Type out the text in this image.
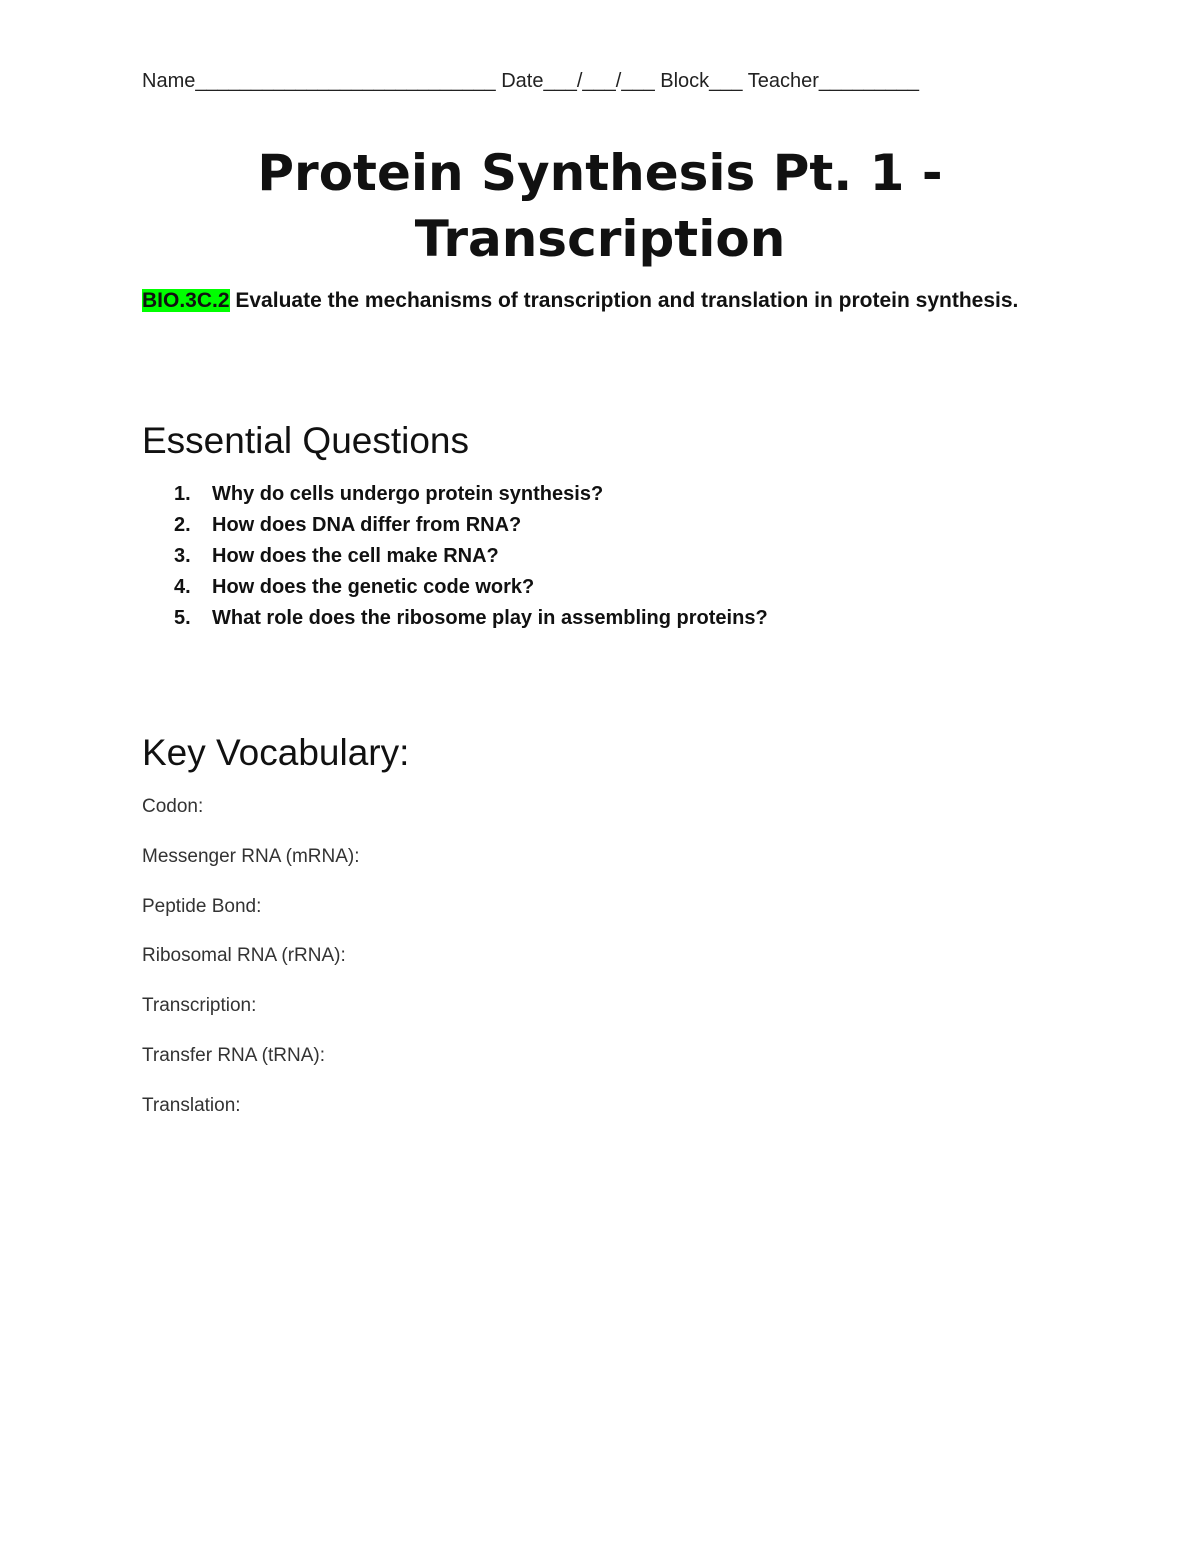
Name___________________________ Date___/___/___ Block___ Teacher_________
Protein Synthesis Pt. 1 -
Transcription
BIO.3C.2 Evaluate the mechanisms of transcription and translation in protein synthesis.
Essential Questions
1. Why do cells undergo protein synthesis?
2. How does DNA differ from RNA?
3. How does the cell make RNA?
4. How does the genetic code work?
5. What role does the ribosome play in assembling proteins?
Key Vocabulary:
Codon:
Messenger RNA (mRNA):
Peptide Bond:
Ribosomal RNA (rRNA):
Transcription:
Transfer RNA (tRNA):
Translation:
